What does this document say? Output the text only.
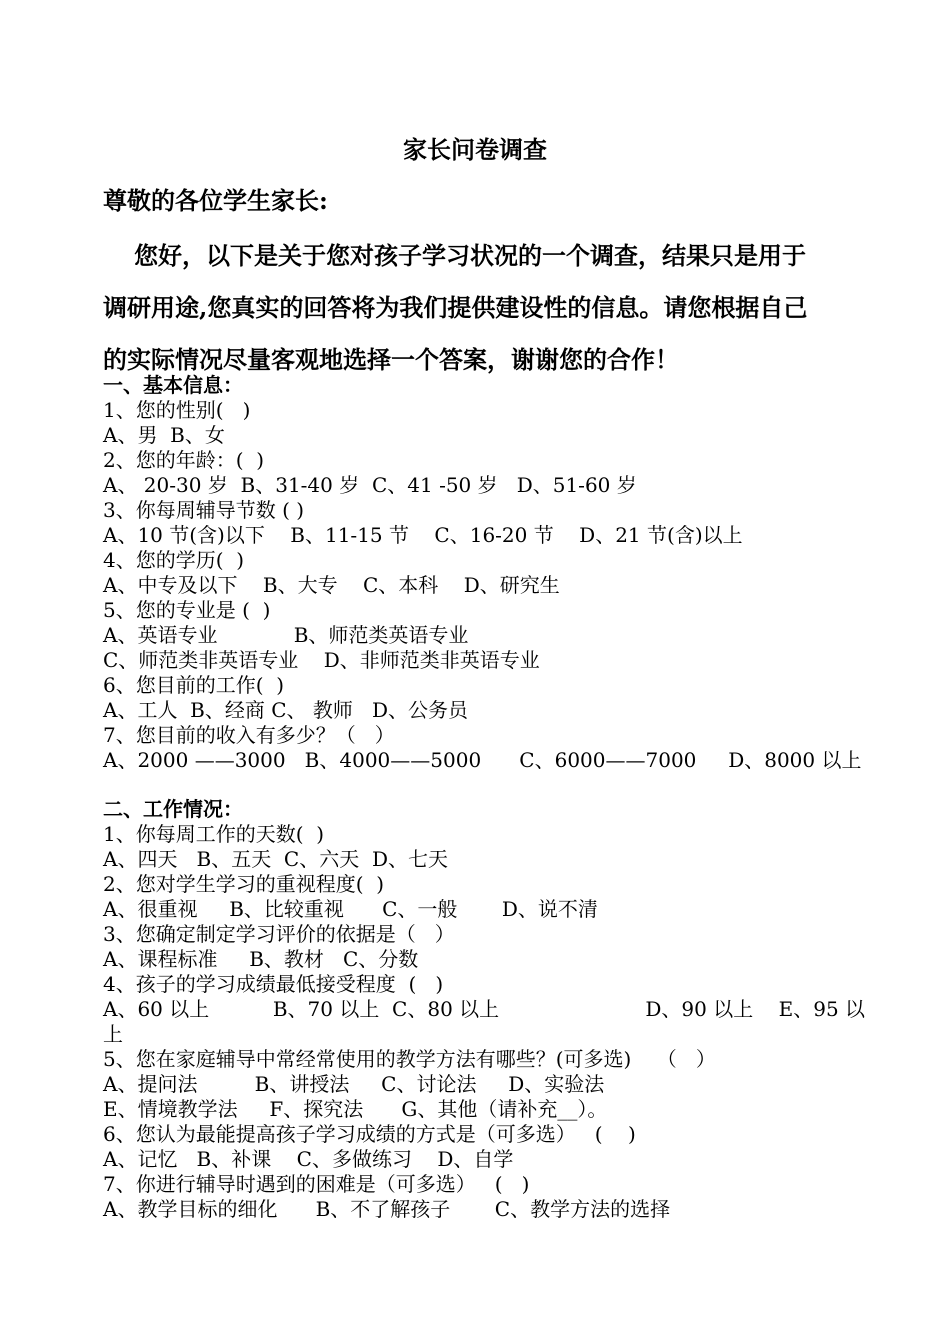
家长问卷调查
尊敬的各位学生家长:
您好，以下是关于您对孩子学习状况的一个调查，结果只是用于
调研用途,您真实的回答将为我们提供建设性的信息。请您根据自己
的实际情况尽量客观地选择一个答案，谢谢您的合作！
一、基本信息：
1、您的性别(   )
A、男  B、女
2、您的年龄：(  )
A、 20-30 岁  B、31-40 岁  C、41 -50 岁   D、51-60 岁
3、你每周辅导节数 ( )
A、10 节(含)以下    B、11-15 节    C、16-20 节    D、21 节(含)以上
4、您的学历(  )
A、中专及以下    B、大专    C、本科    D、研究生
5、您的专业是 (  )
A、英语专业            B、师范类英语专业
C、师范类非英语专业    D、非师范类非英语专业
6、您目前的工作(  )
A、工人  B、经商 C、 教师   D、公务员
7、您目前的收入有多少？（   ）
A、2000 ——3000   B、4000——5000      C、6000——7000     D、8000 以上
二、工作情况：
1、你每周工作的天数(  )
A、四天   B、五天  C、六天  D、七天
2、您对学生学习的重视程度(  )
A、很重视     B、比较重视      C、一般       D、说不清
3、您确定制定学习评价的依据是（   ）
A、课程标准     B、教材   C、分数
4、孩子的学习成绩最低接受程度  (   )
A、60 以上          B、70 以上  C、80 以上                       D、90 以上    E、95 以
上
5、您在家庭辅导中常经常使用的教学方法有哪些？(可多选)    （   ）
A、提问法         B、讲授法     C、讨论法     D、实验法
E、情境教学法     F、探究法      G、其他（请补充__）。
6、您认为最能提高孩子学习成绩的方式是（可多选）   (    )
A、记忆   B、补课    C、多做练习    D、自学
7、你进行辅导时遇到的困难是（可多选）   (   )
A、教学目标的细化      B、不了解孩子       C、教学方法的选择
